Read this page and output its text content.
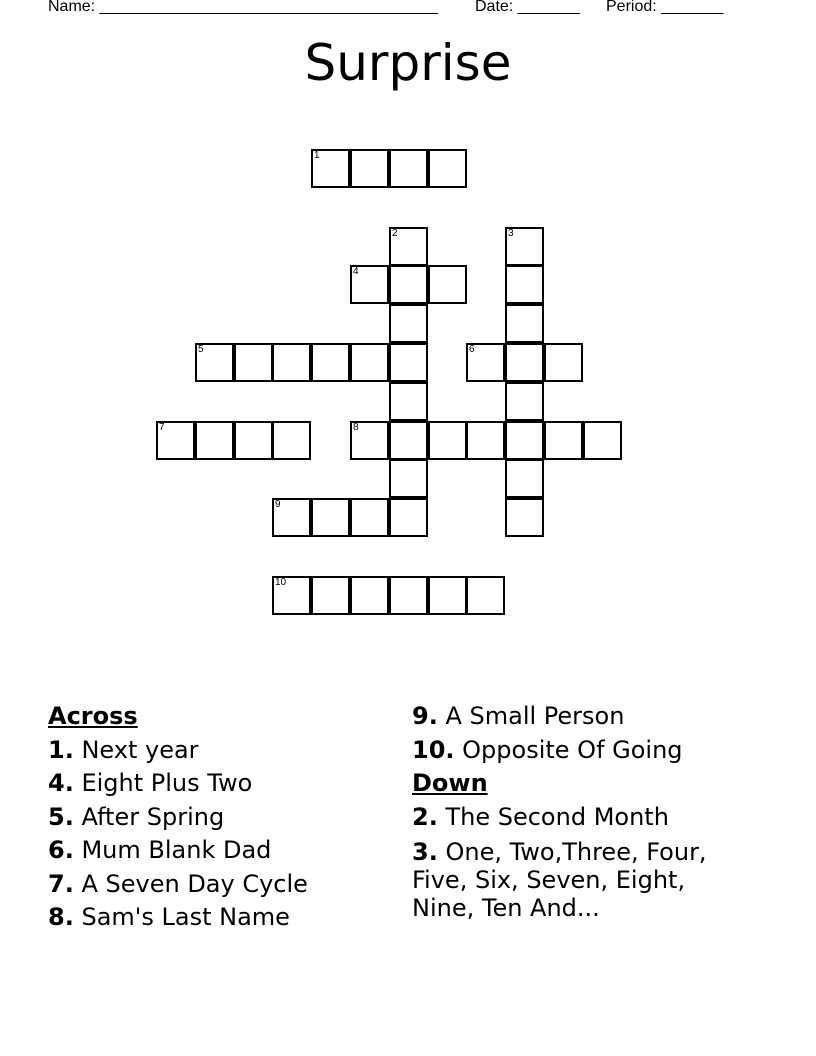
Name: ______________________________________

Date: _______

Period: _______

Surprise
1
2	3
4
5	6
7	8
9
10
Across
1. Next year
4. Eight Plus Two
5. After Spring
6. Mum Blank Dad
7. A Seven Day Cycle
8. Sam's Last Name
9. A Small Person
10. Opposite Of Going
Down
2. The Second Month
3. One, Two,Three, Four, Five, Six, Seven, Eight, Nine, Ten And...
